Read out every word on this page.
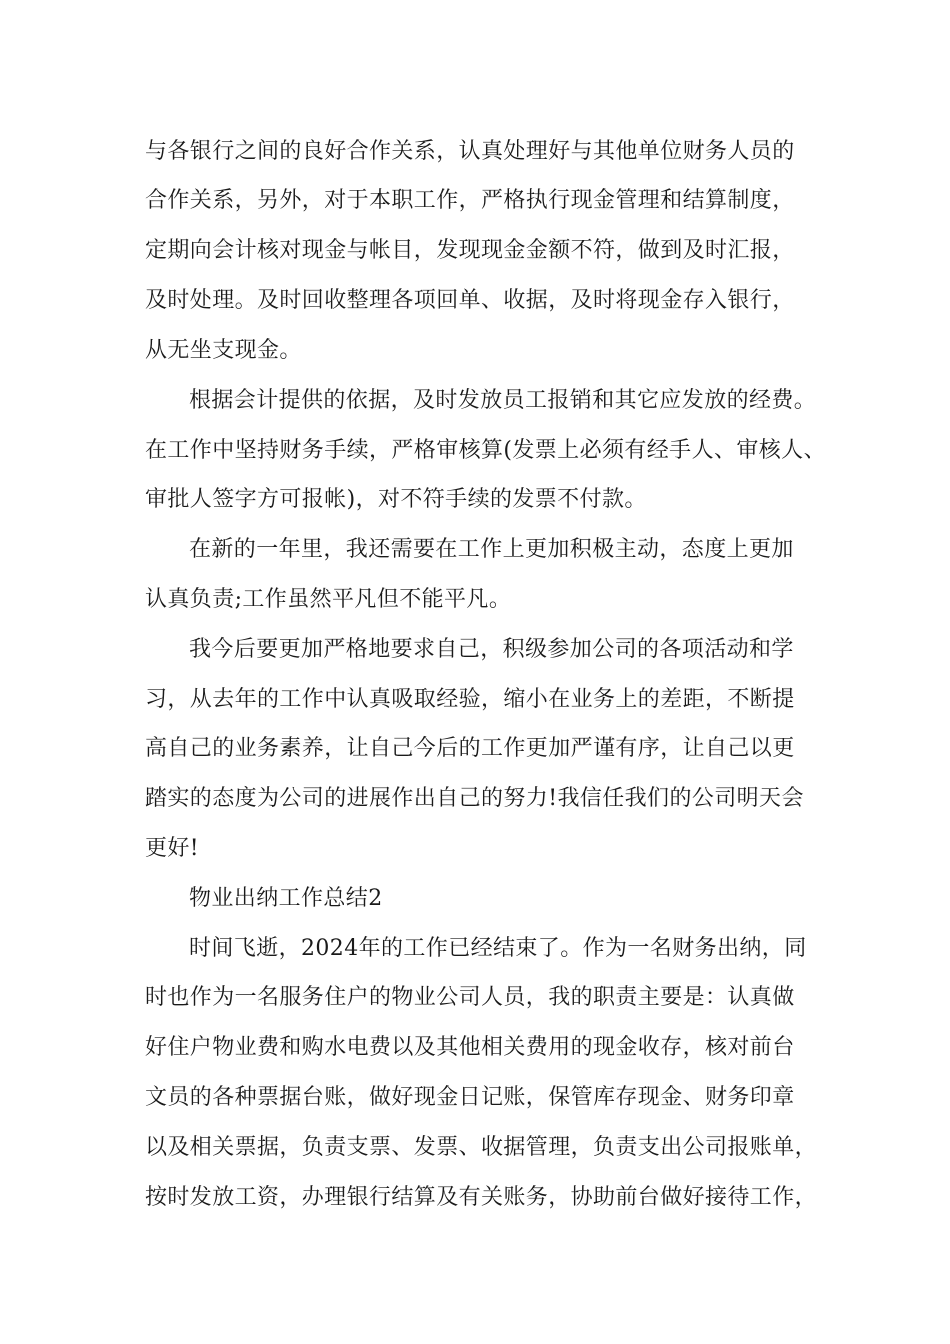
与各银行之间的良好合作关系，认真处理好与其他单位财务人员的
合作关系，另外，对于本职工作，严格执行现金管理和结算制度，
定期向会计核对现金与帐目，发现现金金额不符，做到及时汇报，
及时处理。及时回收整理各项回单、收据，及时将现金存入银行，
从无坐支现金。
根据会计提供的依据，及时发放员工报销和其它应发放的经费。
在工作中坚持财务手续，严格审核算(发票上必须有经手人、审核人、
审批人签字方可报帐)，对不符手续的发票不付款。
在新的一年里，我还需要在工作上更加积极主动，态度上更加
认真负责;工作虽然平凡但不能平凡。
我今后要更加严格地要求自己，积级参加公司的各项活动和学
习，从去年的工作中认真吸取经验，缩小在业务上的差距，不断提
高自己的业务素养，让自己今后的工作更加严谨有序，让自己以更
踏实的态度为公司的进展作出自己的努力!我信任我们的公司明天会
更好!
物业出纳工作总结2
时间飞逝，2024年的工作已经结束了。作为一名财务出纳，同
时也作为一名服务住户的物业公司人员，我的职责主要是：认真做
好住户物业费和购水电费以及其他相关费用的现金收存，核对前台
文员的各种票据台账，做好现金日记账，保管库存现金、财务印章
以及相关票据，负责支票、发票、收据管理，负责支出公司报账单，
按时发放工资，办理银行结算及有关账务，协助前台做好接待工作，
